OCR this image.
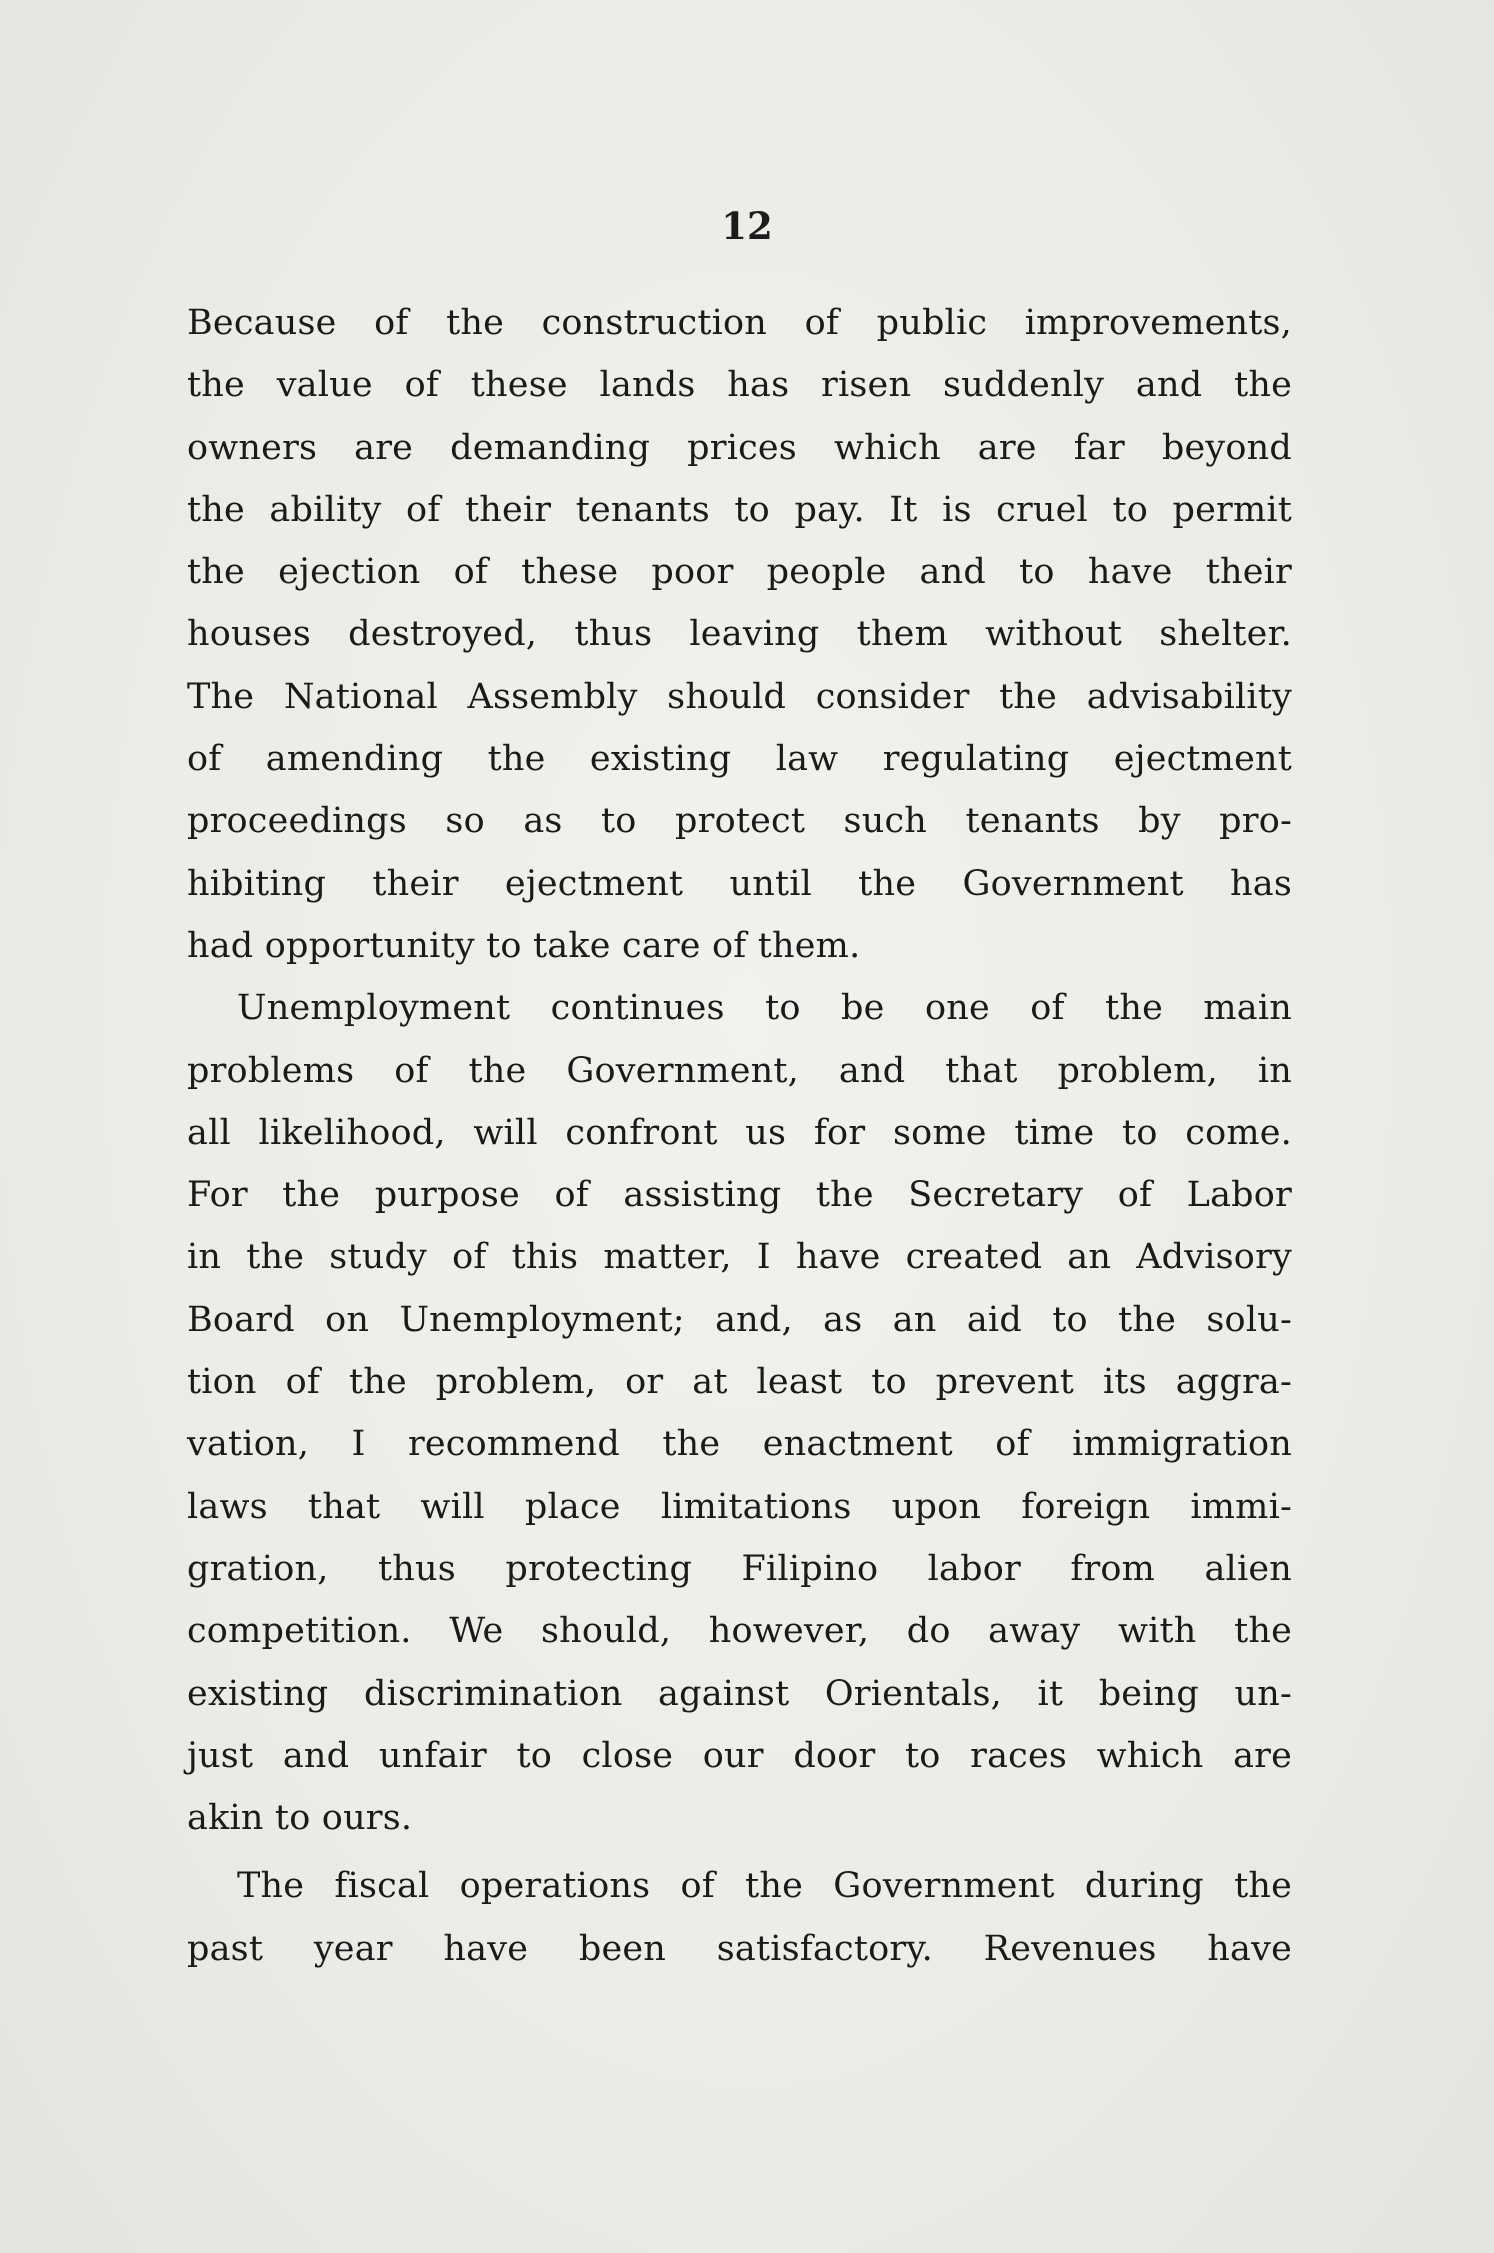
12
Because of the construction of public improvements,
the value of these lands has risen suddenly and the
owners are demanding prices which are far beyond
the ability of their tenants to pay. It is cruel to permit
the ejection of these poor people and to have their
houses destroyed, thus leaving them without shelter.
The National Assembly should consider the advisability
of amending the existing law regulating ejectment
proceedings so as to protect such tenants by pro-
hibiting their ejectment until the Government has
had opportunity to take care of them.
Unemployment continues to be one of the main
problems of the Government, and that problem, in
all likelihood, will confront us for some time to come.
For the purpose of assisting the Secretary of Labor
in the study of this matter, I have created an Advisory
Board on Unemployment; and, as an aid to the solu-
tion of the problem, or at least to prevent its aggra-
vation, I recommend the enactment of immigration
laws that will place limitations upon foreign immi-
gration, thus protecting Filipino labor from alien
competition. We should, however, do away with the
existing discrimination against Orientals, it being un-
just and unfair to close our door to races which are
akin to ours.
The fiscal operations of the Government during the
past year have been satisfactory. Revenues have
